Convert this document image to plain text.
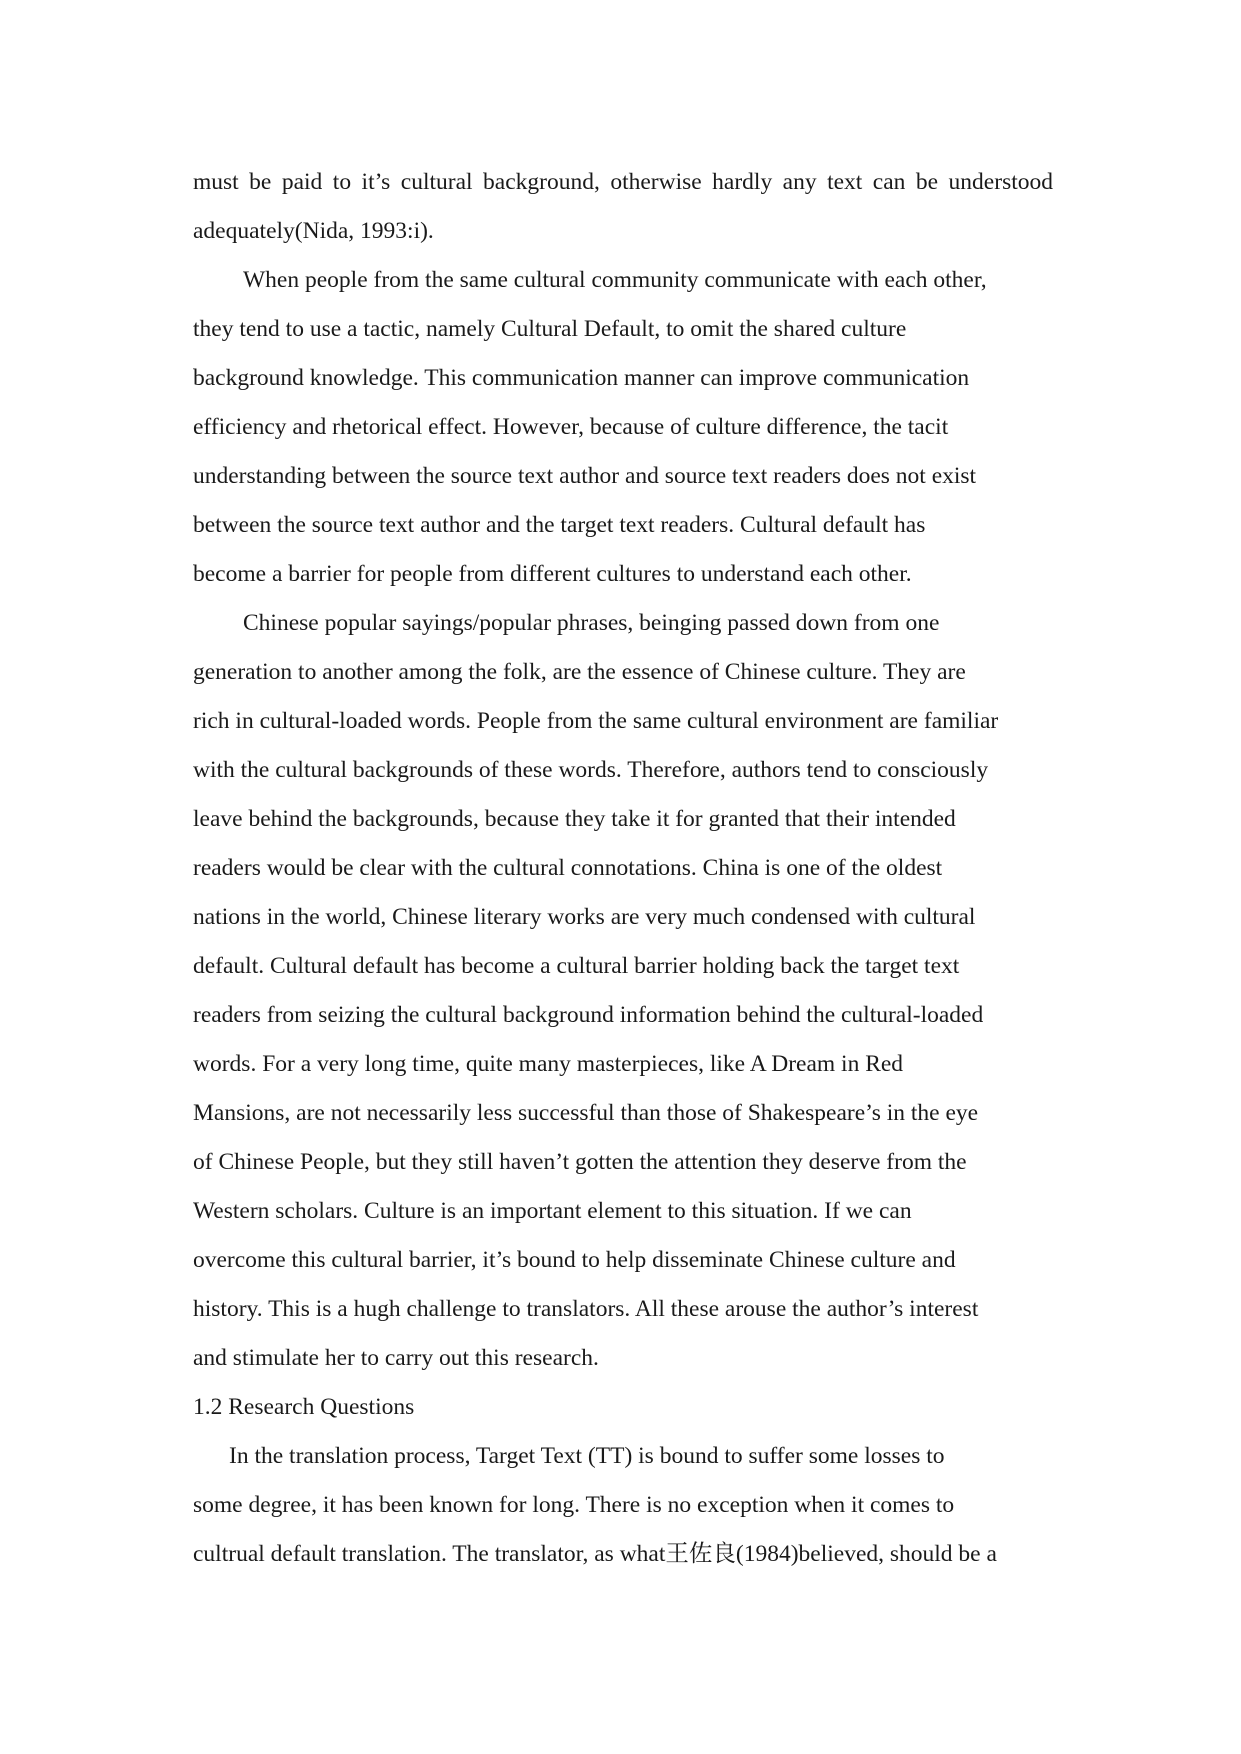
must be paid to it’s cultural background, otherwise hardly any text can be understood
adequately(Nida, 1993:i).
When people from the same cultural community communicate with each other,
they tend to use a tactic, namely Cultural Default, to omit the shared culture
background knowledge. This communication manner can improve communication
efficiency and rhetorical effect. However, because of culture difference, the tacit
understanding between the source text author and source text readers does not exist
between the source text author and the target text readers. Cultural default has
become a barrier for people from different cultures to understand each other.
Chinese popular sayings/popular phrases, beinging passed down from one
generation to another among the folk, are the essence of Chinese culture. They are
rich in cultural-loaded words. People from the same cultural environment are familiar
with the cultural backgrounds of these words. Therefore, authors tend to consciously
leave behind the backgrounds, because they take it for granted that their intended
readers would be clear with the cultural connotations. China is one of the oldest
nations in the world, Chinese literary works are very much condensed with cultural
default. Cultural default has become a cultural barrier holding back the target text
readers from seizing the cultural background information behind the cultural-loaded
words. For a very long time, quite many masterpieces, like A Dream in Red
Mansions, are not necessarily less successful than those of Shakespeare’s in the eye
of Chinese People, but they still haven’t gotten the attention they deserve from the
Western scholars. Culture is an important element to this situation. If we can
overcome this cultural barrier, it’s bound to help disseminate Chinese culture and
history. This is a hugh challenge to translators. All these arouse the author’s interest
and stimulate her to carry out this research.
1.2 Research Questions
In the translation process, Target Text (TT) is bound to suffer some losses to
some degree, it has been known for long. There is no exception when it comes to
cultrual default translation. The translator, as what王佐良(1984)believed, should be a
